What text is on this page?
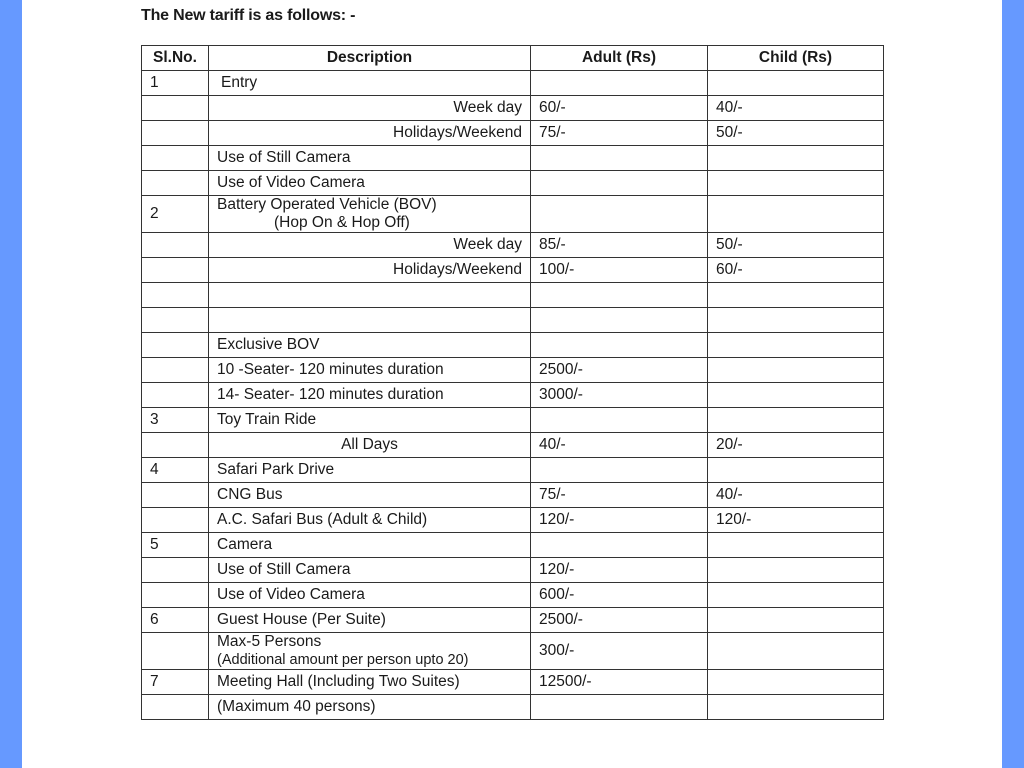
The New tariff is as follows: -
Sl.No.	Description	Adult (Rs)	Child (Rs)
1	Entry		
	Week day	60/-	40/-
	Holidays/Weekend	75/-	50/-
	Use of Still Camera		
	Use of Video Camera		
2	Battery Operated Vehicle (BOV)
(Hop On & Hop Off)		

	Week day	85/-	50/-
	Holidays/Weekend	100/-	60/-

	Exclusive BOV		
	10 -Seater- 120 minutes duration	2500/-	
	14- Seater- 120 minutes duration	3000/-	
3	Toy Train Ride		
	All Days	40/-	20/-
4	Safari Park Drive		
	CNG Bus	75/-	40/-
	A.C. Safari Bus (Adult & Child)	120/-	120/-
5	Camera		
	Use of Still Camera	120/-	
	Use of Video Camera	600/-	
6	Guest House (Per Suite)	2500/-	
	Max-5 Persons
(Additional amount per person upto 20)	300/-	
7	Meeting Hall (Including Two Suites)	12500/-	
	(Maximum 40 persons)		
